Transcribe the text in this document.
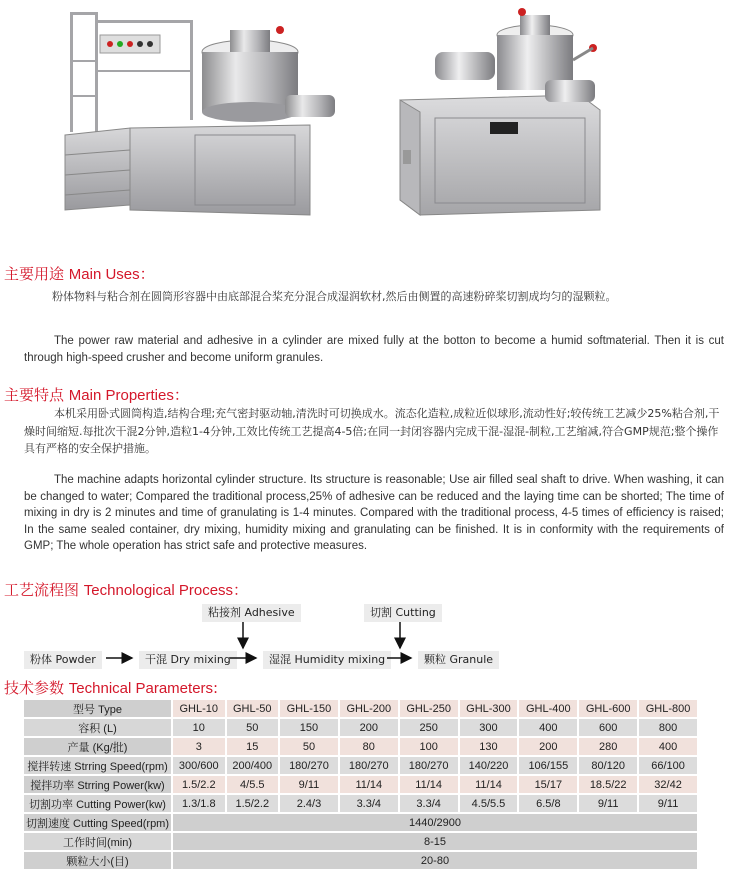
主要用途 Main Uses：
粉体物料与粘合剂在圆筒形容器中由底部混合桨充分混合成湿润软材,然后由侧置的高速粉碎桨切割成均匀的湿颗粒。
The power raw material and adhesive in a cylinder are mixed fully at the botton to become a humid softmaterial. Then it is cut through high-speed crusher and become uniform granules.
主要特点 Main Properties：
本机采用卧式圆筒构造,结构合理;充气密封驱动轴,清洗时可切换成水。流态化造粒,成粒近似球形,流动性好;较传统工艺减少25%粘合剂,干燥时间缩短.每批次干混2分钟,造粒1-4分钟,工效比传统工艺提高4-5倍;在同一封闭容器内完成干混-湿混-制粒,工艺缩减,符合GMP规范;整个操作具有严格的安全保护措施。
The machine adapts horizontal cylinder structure. Its structure is reasonable; Use air filled seal shaft to drive. When washing, it can be changed to water; Compared the traditional process,25% of adhesive can be reduced and the laying time can be shorted; The time of mixing in dry is 2 minutes and time of granulating is 1-4 minutes. Compared with the traditional process, 4-5 times of efficiency is raised; In the same sealed container, dry mixing, humidity mixing and granulating can be finished. It is in conformity with the requirements of GMP; The whole operation has strict safe and protective measures.
工艺流程图 Technological Process：
粘接剂 Adhesive	切割 Cutting
粉体 Powder	干混 Dry mixing	湿混 Humidity mixing	颗粒 Granule
技术参数 Technical Parameters:
型号 Type	GHL-10	GHL-50	GHL-150	GHL-200	GHL-250	GHL-300	GHL-400	GHL-600	GHL-800
容积 (L)	10	50	150	200	250	300	400	600	800
产量 (Kg/批)	3	15	50	80	100	130	200	280	400
搅拌转速 Strring Speed(rpm)	300/600	200/400	180/270	180/270	180/270	140/220	106/155	80/120	66/100
搅拌功率 Strring Power(kw)	1.5/2.2	4/5.5	9/11	11/14	11/14	11/14	15/17	18.5/22	32/42
切割功率 Cutting Power(kw)	1.3/1.8	1.5/2.2	2.4/3	3.3/4	3.3/4	4.5/5.5	6.5/8	9/11	9/11
切割速度 Cutting Speed(rpm)	1440/2900								
工作时间(min)	8-15								
颗粒大小(目)	20-80								
